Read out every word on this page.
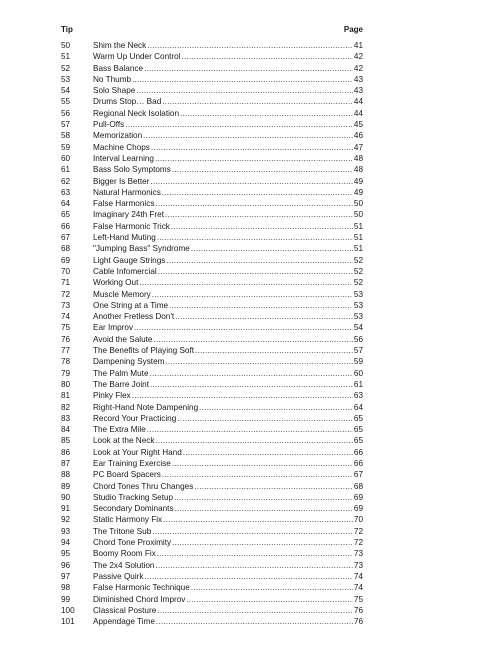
Tip	Page
50	Shim the Neck .....	41
51	Warm Up Under Control .....	42
52	Bass Balance .....	42
53	No Thumb .....	43
54	Solo Shape .....	43
55	Drums Stop… Bad .....	44
56	Regional Neck Isolation .....	44
57	Pull-Offs .....	45
58	Memorization .....	46
59	Machine Chops .....	47
60	Interval Learning .....	48
61	Bass Solo Symptoms .....	48
62	Bigger Is Better .....	49
63	Natural Harmonics .....	49
64	False Harmonics .....	50
65	Imaginary 24th Fret .....	50
66	False Harmonic Trick .....	51
67	Left-Hand Muting .....	51
68	"Jumping Bass" Syndrome .....	51
69	Light Gauge Strings .....	52
70	Cable Infomercial .....	52
71	Working Out .....	52
72	Muscle Memory .....	53
73	One String at a Time .....	53
74	Another Fretless Don't .....	53
75	Ear Improv .....	54
76	Avoid the Salute .....	56
77	The Benefits of Playing Soft .....	57
78	Dampening System .....	59
79	The Palm Mute .....	60
80	The Barre Joint .....	61
81	Pinky Flex .....	63
82	Right-Hand Note Dampening .....	64
83	Record Your Practicing .....	65
84	The Extra Mile .....	65
85	Look at the Neck .....	65
86	Look at Your Right Hand .....	66
87	Ear Training Exercise .....	66
88	PC Board Spacers .....	67
89	Chord Tones Thru Changes .....	68
90	Studio Tracking Setup .....	69
91	Secondary Dominants .....	69
92	Static Harmony Fix .....	70
93	The Tritone Sub .....	72
94	Chord Tone Proximity .....	72
95	Boomy Room Fix .....	73
96	The 2x4 Solution .....	73
97	Passive Quirk .....	74
98	False Harmonic Technique .....	74
99	Diminished Chord Improv .....	75
100	Classical Posture .....	76
101	Appendage Time .....	76
